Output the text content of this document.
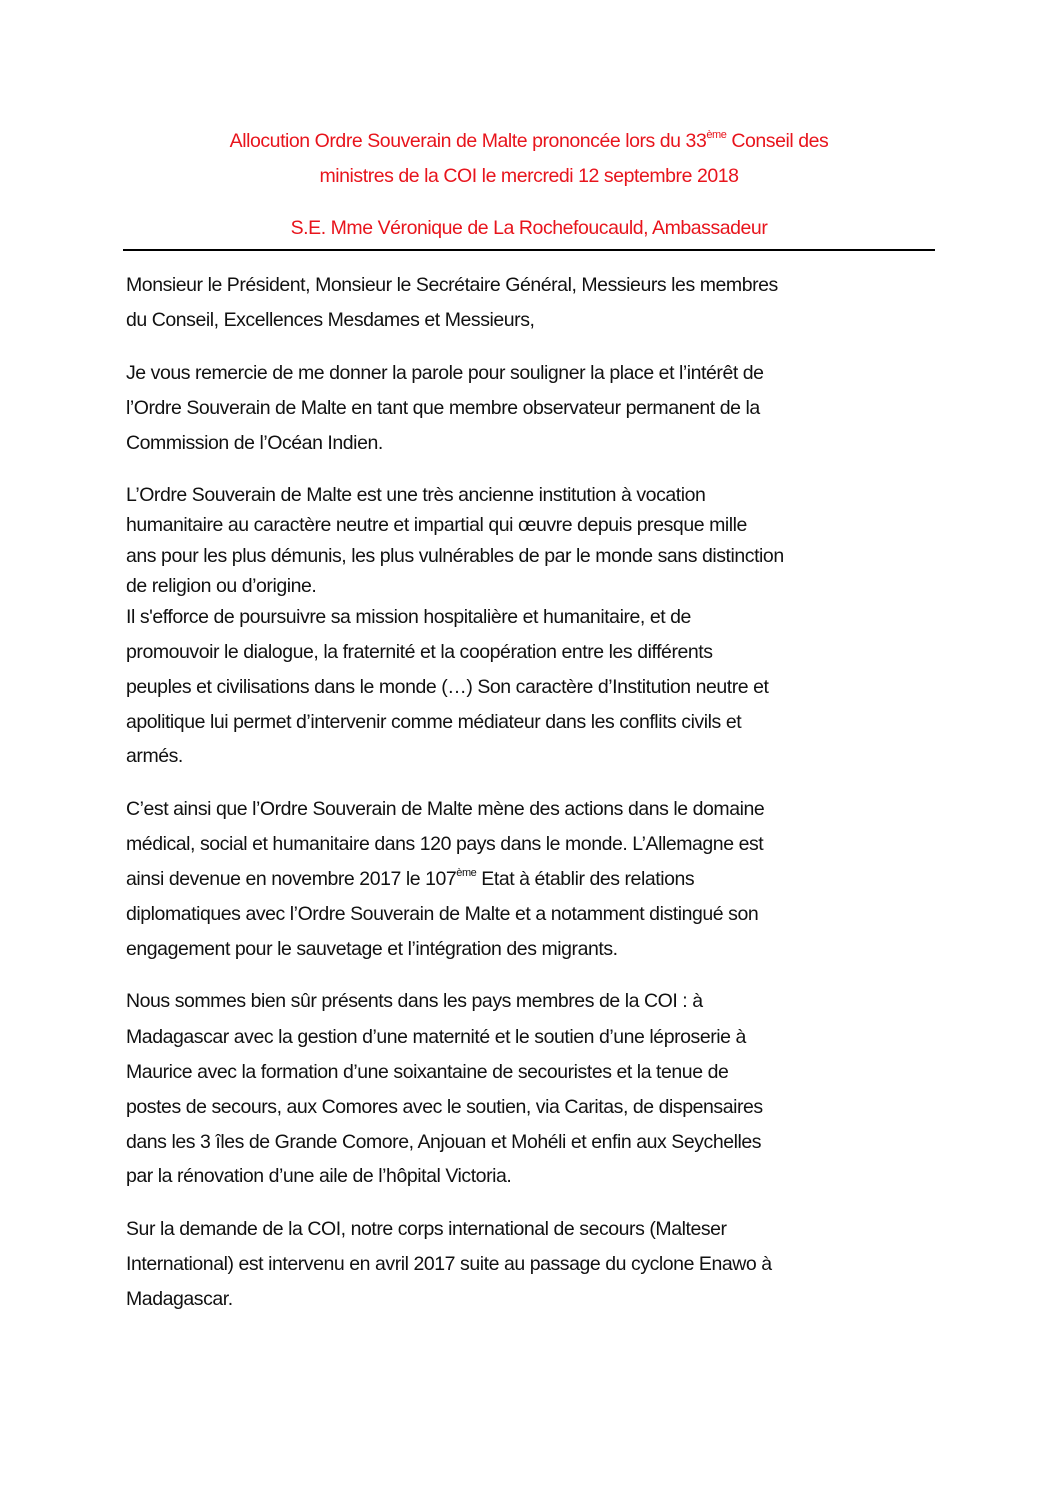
Allocution Ordre Souverain de Malte prononcée lors du 33ème Conseil des
ministres de la COI le mercredi 12 septembre 2018
S.E. Mme Véronique de La Rochefoucauld, Ambassadeur
Monsieur le Président, Monsieur le Secrétaire Général, Messieurs les membres
du Conseil, Excellences Mesdames et Messieurs,
Je vous remercie de me donner la parole pour souligner la place et l’intérêt de
l’Ordre Souverain de Malte en tant que membre observateur permanent de la
Commission de l’Océan Indien.
L’Ordre Souverain de Malte est une très ancienne institution à vocation
humanitaire au caractère neutre et impartial qui œuvre depuis presque mille
ans pour les plus démunis, les plus vulnérables de par le monde sans distinction
de religion ou d’origine.
Il s'efforce de poursuivre sa mission hospitalière et humanitaire, et de
promouvoir le dialogue, la fraternité et la coopération entre les différents
peuples et civilisations dans le monde (…) Son caractère d’Institution neutre et
apolitique lui permet d’intervenir comme médiateur dans les conflits civils et
armés.
C’est ainsi que l’Ordre Souverain de Malte mène des actions dans le domaine
médical, social et humanitaire dans 120 pays dans le monde. L’Allemagne est
ainsi devenue en novembre 2017 le 107ème Etat à établir des relations
diplomatiques avec l’Ordre Souverain de Malte et a notamment distingué son
engagement pour le sauvetage et l’intégration des migrants.
Nous sommes bien sûr présents dans les pays membres de la COI : à
Madagascar avec la gestion d’une maternité et le soutien d’une léproserie à
Maurice avec la formation d’une soixantaine de secouristes et la tenue de
postes de secours, aux Comores avec le soutien, via Caritas, de dispensaires
dans les 3 îles de Grande Comore, Anjouan et Mohéli et enfin aux Seychelles
par la rénovation d’une aile de l’hôpital Victoria.
Sur la demande de la COI, notre corps international de secours (Malteser
International) est intervenu en avril 2017 suite au passage du cyclone Enawo à
Madagascar.
